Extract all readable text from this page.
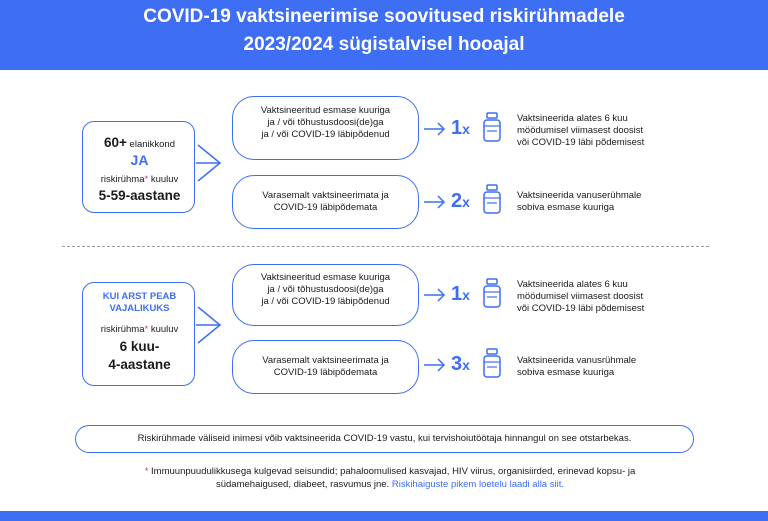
COVID-19 vaktsineerimise soovitused riskirühmadele
2023/2024 sügistalvisel hooajal
60+ elanikkond
JA
riskirühma* kuuluv
5-59-aastane
KUI ARST PEAB
VAJALIKUKS
riskirühma* kuuluv
6 kuu-
4-aastane
Vaktsineeritud esmase kuuriga
ja / või tõhustusdoosi(de)ga
ja / või COVID-19 läbipõdenud	1x
Vaktsineerida alates 6 kuu
möödumisel viimasest doosist
või COVID-19 läbi põdemisest
Varasemalt vaktsineerimata ja
COVID-19 läbipõdemata	2x	Vaktsineerida vanuserühmale
sobiva esmase kuuriga
Vaktsineeritud esmase kuuriga
ja / või tõhustusdoosi(de)ga
ja / või COVID-19 läbipõdenud	1x
Vaktsineerida alates 6 kuu
möödumisel viimasest doosist
või COVID-19 läbi põdemisest
Varasemalt vaktsineerimata ja
COVID-19 läbipõdemata	3x	Vaktsineerida vanusrühmale
sobiva esmase kuuriga
Riskirühmade väliseid inimesi võib vaktsineerida COVID-19 vastu, kui tervishoiutöötaja hinnangul on see otstarbekas.
* Immuunpuudulikkusega kulgevad seisundid; pahaloomulised kasvajad, HIV viirus, organisiirded, erinevad kopsu- ja
südamehaigused, diabeet, rasvumus jne. Riskihaiguste pikem loetelu laadi alla siit.
